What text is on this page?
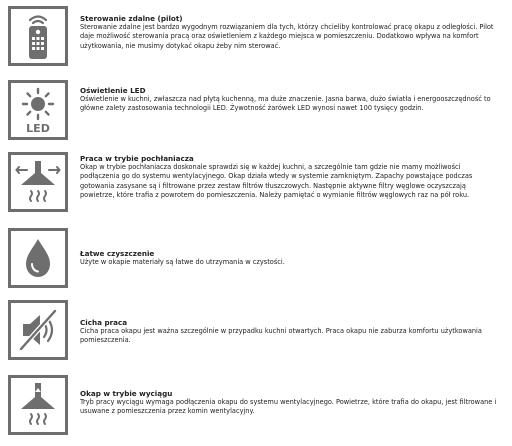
Sterowanie zdalne (pilot)

Sterowanie zdalne jest bardzo wygodnym rozwiązaniem dla tych, którzy chcieliby kontrolować pracę okapu z odległości. Pilot daje możliwość sterowania pracą oraz oświetleniem z każdego miejsca w pomieszczeniu. Dodatkowo wpływa na komfort użytkowania, nie musimy dotykać okapu żeby nim sterować.

LED

Oświetlenie LED

Oświetlenie w kuchni, zwłaszcza nad płytą kuchenną, ma duże znaczenie. Jasna barwa, dużo światła i energooszczędność to główne zalety zastosowania technologii LED. Żywotność żarówek LED wynosi nawet 100 tysięcy godzin.

Praca w trybie pochłaniacza

Okap w trybie pochłaniacza doskonale sprawdzi się w każdej kuchni, a szczególnie tam gdzie nie mamy możliwości podłączenia go do systemu wentylacyjnego. Okap działa wtedy w systemie zamkniętym. Zapachy powstające podczas gotowania zasysane są i filtrowane przez zestaw filtrów tłuszczowych. Następnie aktywne filtry węglowe oczyszczają powietrze, które trafia z powrotem do pomieszczenia. Należy pamiętać o wymianie filtrów węglowych raz na pół roku.

Łatwe czyszczenie

Użyte w okapie materiały są łatwe do utrzymania w czystości.

Cicha praca

Cicha praca okapu jest ważna szczególnie w przypadku kuchni otwartych. Praca okapu nie zaburza komfortu użytkowania pomieszczenia.

Okap w trybie wyciągu

Tryb pracy wyciągu wymaga podłączenia okapu do systemu wentylacyjnego. Powietrze, które trafia do okapu, jest filtrowane i usuwane z pomieszczenia przez komin wentylacyjny.
